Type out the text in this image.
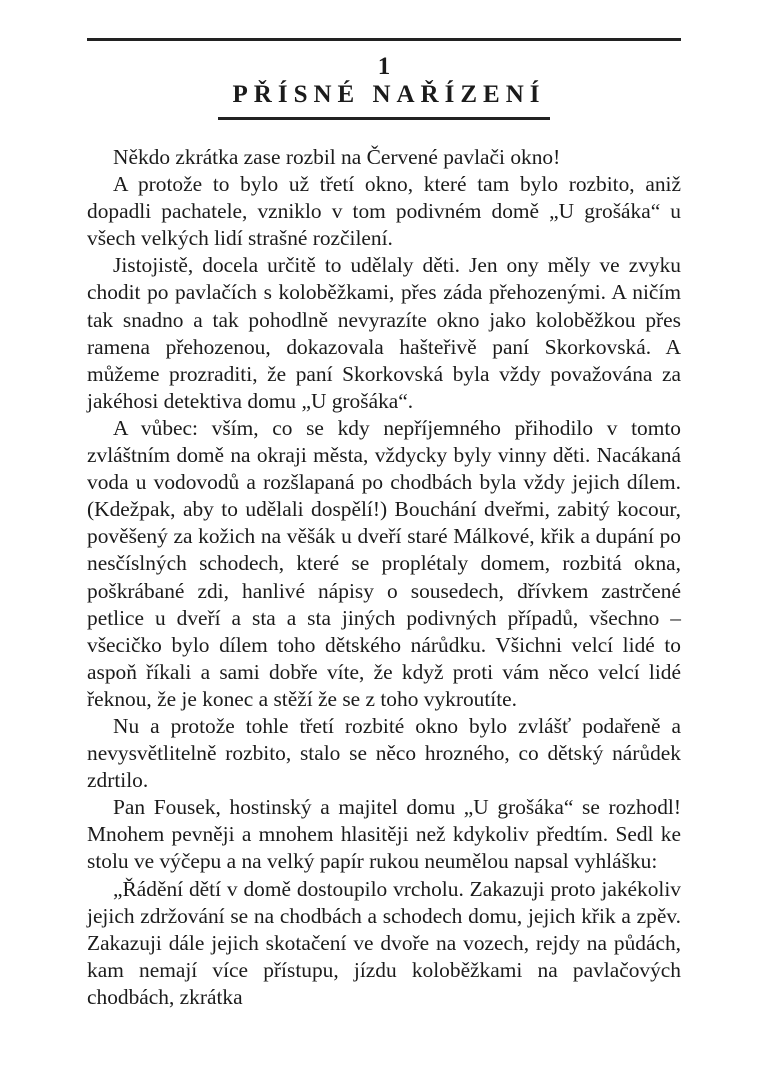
1
PŘÍSNÉ NAŘÍZENÍ

Někdo zkrátka zase rozbil na Červené pavlači okno!

A protože to bylo už třetí okno, které tam bylo rozbito, aniž dopadli pachatele, vzniklo v tom podivném domě „U grošáka“ u všech velkých lidí strašné rozčilení.

Jistojistě, docela určitě to udělaly děti. Jen ony měly ve zvyku chodit po pavlačích s koloběžkami, přes záda přehozenými. A ničím tak snadno a tak pohodlně nevyrazíte okno jako koloběžkou přes ramena přehozenou, dokazovala hašteřivě paní Skorkovská. A můžeme prozraditi, že paní Skorkovská byla vždy považována za jakéhosi detektiva domu „U grošáka“.

A vůbec: vším, co se kdy nepříjemného přihodilo v tomto zvláštním domě na okraji města, vždycky byly vinny děti. Nacákaná voda u vodovodů a rozšlapaná po chodbách byla vždy jejich dílem. (Kdežpak, aby to udělali dospělí!) Bouchání dveřmi, zabitý kocour, pověšený za kožich na věšák u dveří staré Málkové, křik a dupání po nesčíslných schodech, které se proplétaly domem, rozbitá okna, poškrábané zdi, hanlivé nápisy o sousedech, dřívkem zastrčené petlice u dveří a sta a sta jiných podivných případů, všechno – všecičko bylo dílem toho dětského nárůdku. Všichni velcí lidé to aspoň říkali a sami dobře víte, že když proti vám něco velcí lidé řeknou, že je konec a stěží že se z toho vykroutíte.

Nu a protože tohle třetí rozbité okno bylo zvlášť podařeně a nevysvětlitelně rozbito, stalo se něco hrozného, co dětský nárůdek zdrtilo.

Pan Fousek, hostinský a majitel domu „U grošáka“ se rozhodl! Mnohem pevněji a mnohem hlasitěji než kdykoliv předtím. Sedl ke stolu ve výčepu a na velký papír rukou neumělou napsal vyhlášku:

„Řádění dětí v domě dostoupilo vrcholu. Zakazuji proto jakékoliv jejich zdržování se na chodbách a schodech domu, jejich křik a zpěv. Zakazuji dále jejich skotačení ve dvoře na vozech, rejdy na půdách, kam nemají více přístupu, jízdu koloběžkami na pavlačových chodbách, zkrátka
